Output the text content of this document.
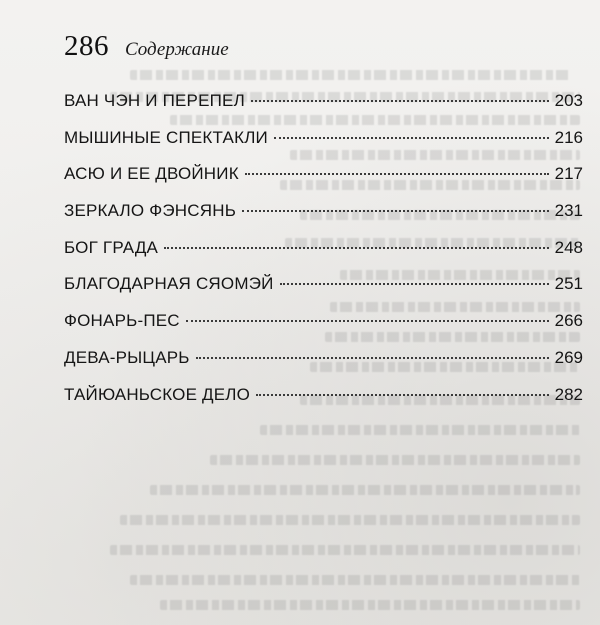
286 Содержание
ВАН ЧЭН И ПЕРЕПЕЛ	203
МЫШИНЫЕ СПЕКТАКЛИ	216
АСЮ И ЕЕ ДВОЙНИК	217
ЗЕРКАЛО ФЭНСЯНЬ	231
БОГ ГРАДА	248
БЛАГОДАРНАЯ СЯОМЭЙ	251
ФОНАРЬ-ПЕС	266
ДЕВА-РЫЦАРЬ	269
ТАЙЮАНЬСКОЕ ДЕЛО	282
